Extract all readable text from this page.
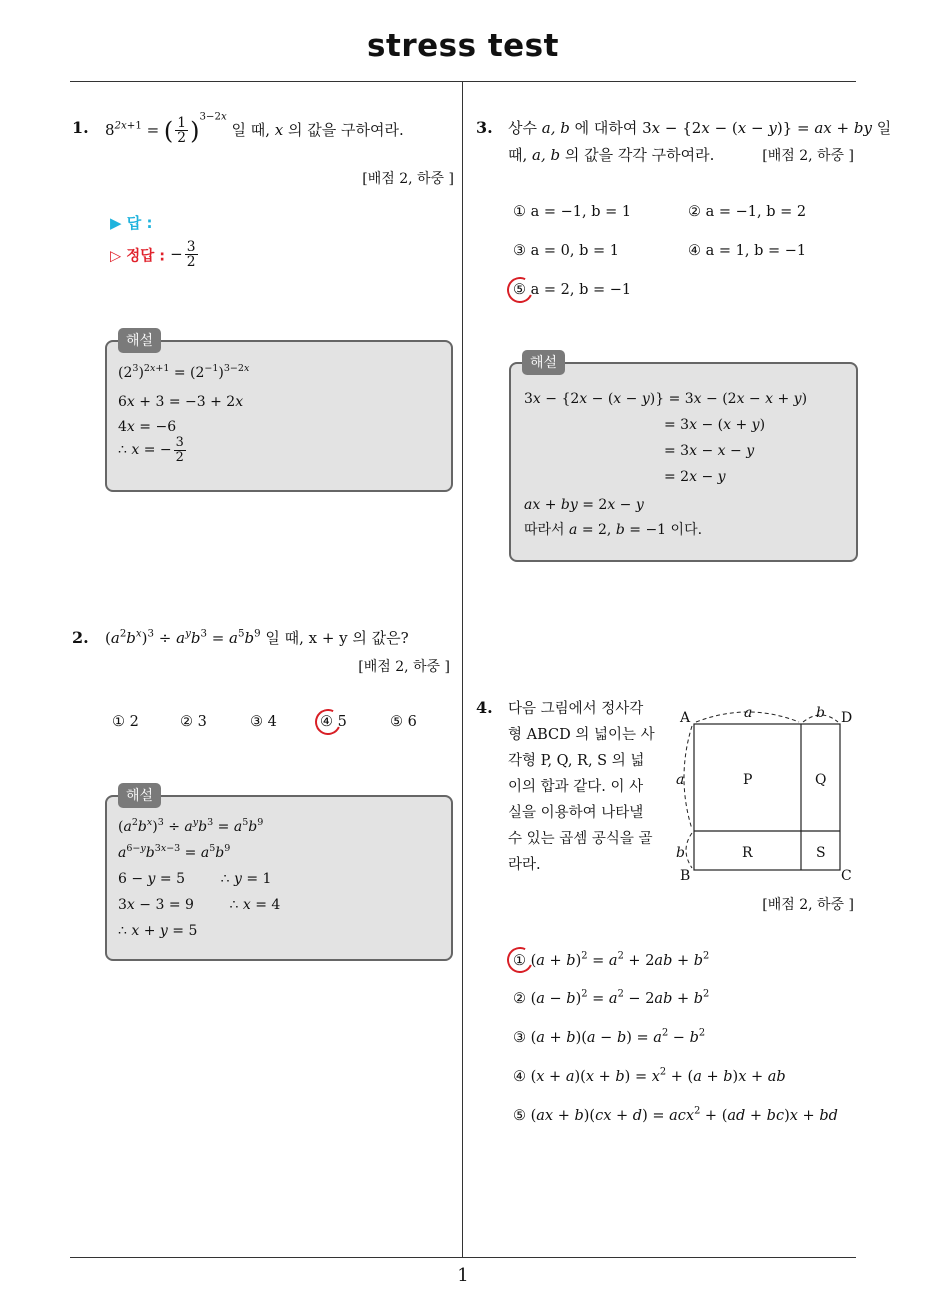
stress test
1
1. $8^{2x+1}$ = ( $\frac{1}{2} )^{3-2x}$ 일 때, x 의 값을 구하여라.
[배점 2, 하중 ]
▶ 답 :
▷ 정답 : − $\frac{3}{2}$
해설
$(2^3)^{2x+1} = (2^{-1})^{3-2x}$
6x + 3 = −3 + 2x
4x = −6
∴ x = − $\frac{3}{2}$
2. $(a^2b^x)^3 \div a^yb^3 = a^5b^9$ 일 때, x + y 의 값은?
[배점 2, 하중 ]
① 2	② 3	③ 4	④ 5	⑤ 6
해설
$(a^2b^x)^3 \div a^yb^3 = a^5b^9$
$a^{6-y}b^{3x-3} = a^5b^9$
6 − y = 5        ∴ y = 1
3x − 3 = 9        ∴ x = 4
∴ x + y = 5
3. 상수 a, b 에 대하여 3x − {2x − (x − y)} = ax + by 일
때, a, b 의 값을 각각 구하여라.	[배점 2, 하중 ]
① a = −1, b = 1	② a = −1, b = 2
③ a = 0, b = 1	④ a = 1, b = −1
⑤ a = 2, b = −1
해설
3x − {2x − (x − y)} = 3x − (2x − x + y)
= 3x − (x + y)
= 3x − x − y
= 2x − y
ax + by = 2x − y
따라서 a = 2, b = −1 이다.
4. 다음 그림에서 정사각
형 ABCD 의 넓이는 사
각형 P, Q, R, S 의 넓
이의 합과 같다. 이 사
실을 이용하여 나타낼
수 있는 곱셈 공식을 골
라라.
A	D
B	C
P	Q
R	S
a	b
a
b
[배점 2, 하중 ]
① $(a + b)^2 = a^2 + 2ab + b^2$
② $(a - b)^2 = a^2 - 2ab + b^2$
③ $(a + b)(a - b) = a^2 - b^2$
④ $(x + a)(x + b) = x^2 + (a + b)x$ + ab
⑤ (ax + b)(cx + d) = acx$^2$ + (ad + bc)x + bd
